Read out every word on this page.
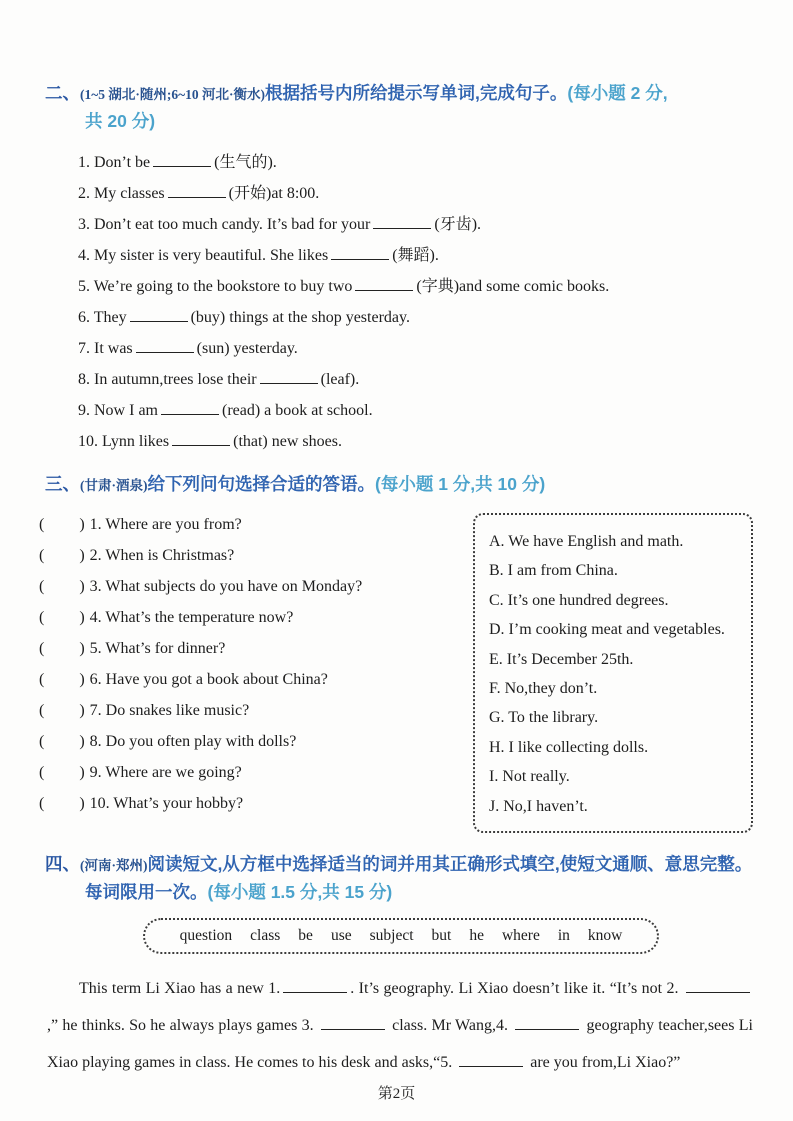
二、(1~5 湖北·随州;6~10 河北·衡水)根据括号内所给提示写单词,完成句子。(每小题 2 分,
共 20 分)
1. Don’t be	(生气的).
2. My classes	(开始)at 8:00.
3. Don’t eat too much candy. It’s bad for your	(牙齿).
4. My sister is very beautiful. She likes	(舞蹈).
5. We’re going to the bookstore to buy two	(字典)and some comic books.
6. They	(buy) things at the shop yesterday.
7. It was	(sun) yesterday.
8. In autumn,trees lose their	(leaf).
9. Now I am	(read) a book at school.
10. Lynn likes	(that) new shoes.
三、(甘肃·酒泉)给下列问句选择合适的答语。(每小题 1 分,共 10 分)
(　　) 1. Where are you from?
(　　) 2. When is Christmas?
(　　) 3. What subjects do you have on Monday?
(　　) 4. What’s the temperature now?
(　　) 5. What’s for dinner?
(　　) 6. Have you got a book about China?
(　　) 7. Do snakes like music?
(　　) 8. Do you often play with dolls?
(　　) 9. Where are we going?
(　　) 10. What’s your hobby?
A. We have English and math.
B. I am from China.
C. It’s one hundred degrees.
D. I’m cooking meat and vegetables.
E. It’s December 25th.
F. No,they don’t.
G. To the library.
H. I like collecting dolls.
I. Not really.
J. No,I haven’t.
四、(河南·郑州)阅读短文,从方框中选择适当的词并用其正确形式填空,使短文通顺、意思完整。每词限用一次。(每小题 1.5 分,共 15 分)
question class be use subject but he where in know

This term Li Xiao has a new 1.	. It’s geography. Li Xiao doesn’t like it. “It’s not 2. ,” he thinks. So he always plays games 3.	class. Mr Wang,4.	geography teacher,sees Li Xiao playing games in class. He comes to his desk and asks,“5.	are you from,Li Xiao?”

第2页
